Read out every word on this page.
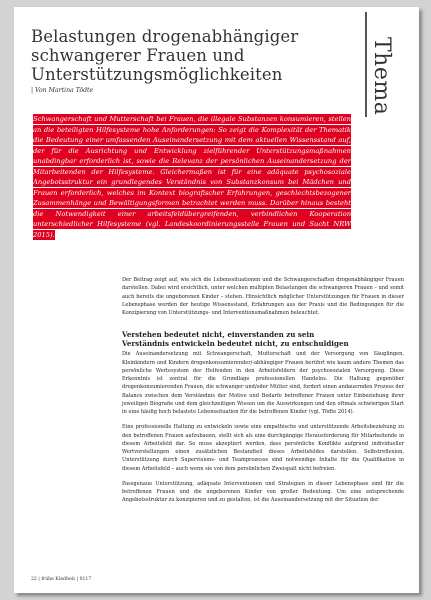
Belastungen drogenabhängiger schwangerer Frauen und Unterstützungsmöglichkeiten
| Von Martina Tödte	Thema

Schwangerschaft und Mutterschaft bei Frauen, die illegale Substanzen konsumieren, stellen an die beteiligten Hilfesysteme hohe Anforderungen: So zeigt die Komplexität der Thematik die Bedeutung einer umfassenden Auseinandersetzung mit dem aktuellen Wissensstand auf, der für die Ausrichtung und Entwicklung zielführender Unterstützungsmaßnahmen unabdingbar erforderlich ist, sowie die Relevanz der persönlichen Auseinandersetzung der Mitarbeitenden der Hilfesysteme. Gleichermaßen ist für eine adäquate psychosoziale Angebotsstruktur ein grundlegendes Verständnis von Substanzkonsum bei Mädchen und Frauen erforderlich, welches im Kontext biografischer Erfahrungen, geschlechtsbezogener Zusammenhänge und Bewältigungsformen betrachtet werden muss. Darüber hinaus besteht die Notwendigkeit einer arbeitsfeldübergreifenden, verbindlichen Kooperation unterschiedlicher Hilfesysteme (vgl. Landeskoordinierungsstelle Frauen und Sucht NRW 2015).

Der Beitrag zeigt auf, wie sich die Lebenssituationen und die Schwangerschaften drogenabhängiger Frauen darstellen. Dabei wird ersichtlich, unter welchen multiplen Belastungen die schwangeren Frauen – und somit auch bereits die ungeborenen Kinder – stehen. Hinsichtlich möglicher Unterstützungen für Frauen in dieser Lebensphase werden der heutige Wissensstand, Erfahrungen aus der Praxis und die Bedingungen für die Konzipierung von Unterstützungs- und Interventionsmaßnahmen beleuchtet.

Verstehen bedeutet nicht, einverstanden zu sein
Verständnis entwickeln bedeutet nicht, zu entschuldigen

Die Auseinandersetzung mit Schwangerschaft, Mutterschaft und der Versorgung von Säuglingen, Kleinkindern und Kindern drogenkonsumierender/-abhängiger Frauen berührt wie kaum andere Themen das persönliche Wertesystem der Helfenden in den Arbeitsfeldern der psychosozialen Versorgung. Diese Erkenntnis ist zentral für die Grundlage professionellen Handelns. Die Haltung gegenüber drogenkonsumierenden Frauen, die schwanger und/oder Mütter sind, fordert einen andauernden Prozess der Balance zwischen dem Verständnis der Motive und Bedarfe betroffener Frauen unter Einbeziehung ihrer jeweiligen Biografie und dem gleichzeitigen Wissen um die Auswirkungen und den oftmals schwierigen Start in eine häufig hoch belastete Lebenssituation für die betroffenen Kinder (vgl. Tödte 2014).

Eine professionelle Haltung zu entwickeln sowie eine empathische und unterstützende Arbeitsbeziehung zu den betroffenen Frauen aufzubauen, stellt sich als eine durchgängige Herausforderung für Mitarbeitende in diesem Arbeitsfeld dar. So muss akzeptiert werden, dass persönliche Konflikte aufgrund individueller Wertvorstellungen einen zusätzlichen Bestandteil dieses Arbeitsfeldes darstellen. Selbstreflexion, Unterstützung durch Supervisions- und Teamprozesse sind notwendige Inhalte für die Qualifikation in diesem Arbeitsfeld – auch wenn sie von dem persönlichen Zweispalt nicht befreien.

Passgenaue Unterstützung, adäquate Interventionen und Strategien in dieser Lebensphase sind für die betroffenen Frauen und die ungeborenen Kinder von großer Bedeutung. Um eine entsprechende Angebotsstruktur zu konzipieren und zu gestalten, ist die Auseinandersetzung mit der Situation der

22 | frühe Kindheit | 0117
